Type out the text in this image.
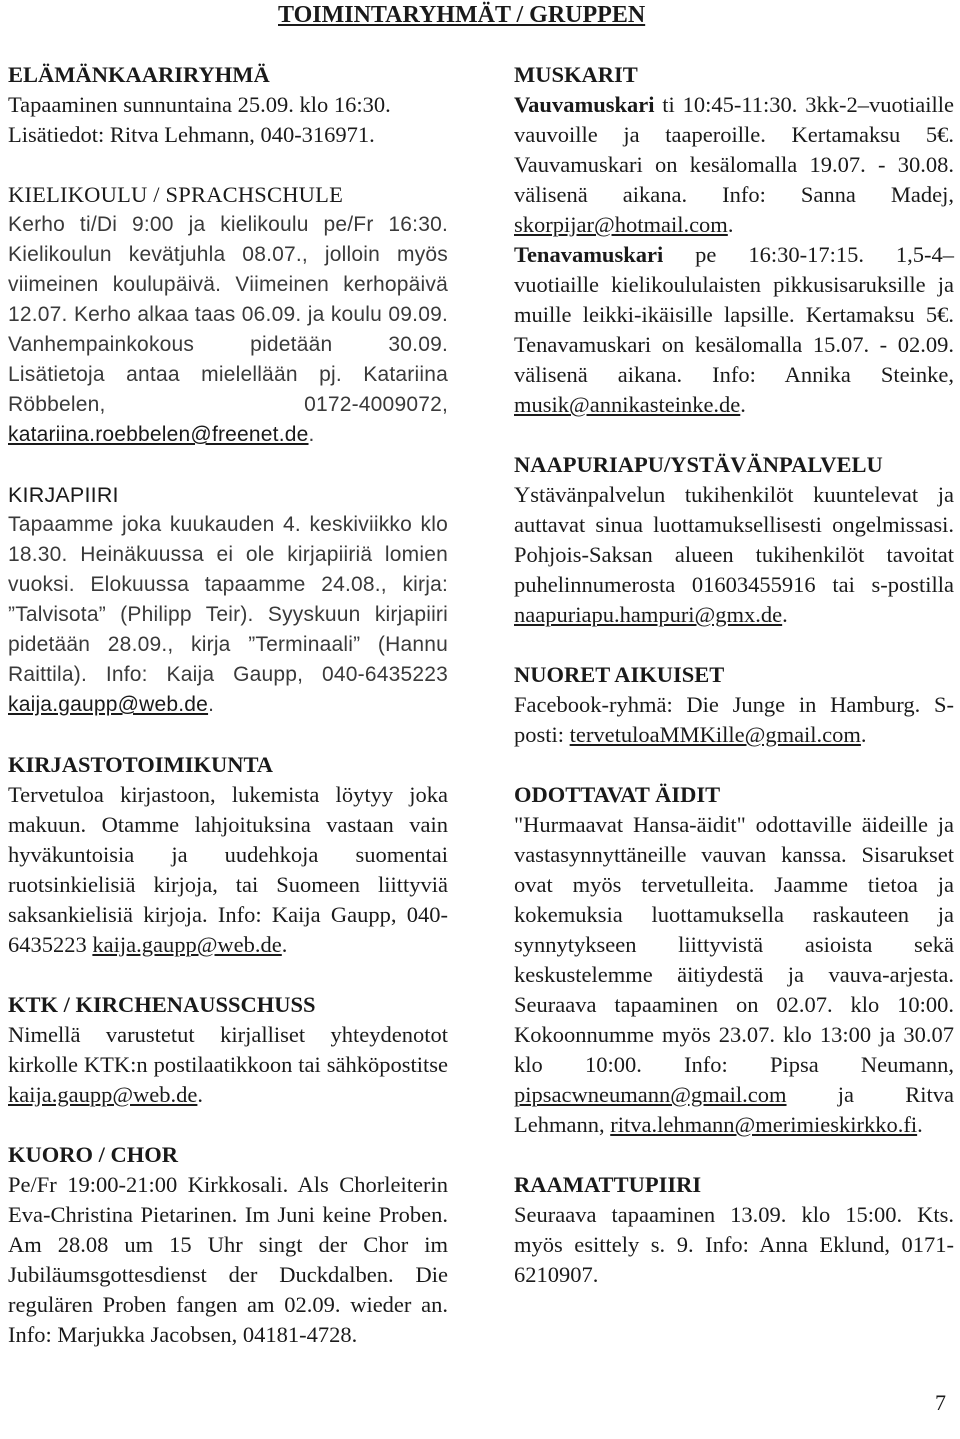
TOIMINTARYHMÄT / GRUPPEN
ELÄMÄNKAARIRYHMÄ
Tapaaminen sunnuntaina 25.09. klo 16:30.
Lisätiedot: Ritva Lehmann, 040-316971.
KIELIKOULU / SPRACHSCHULE
Kerho ti/Di 9:00 ja kielikoulu pe/Fr 16:30. Kielikoulun kevätjuhla 08.07., jolloin myös viimeinen koulupäivä. Viimeinen kerhopäivä 12.07. Kerho alkaa taas 06.09. ja koulu 09.09. Vanhempainkokous pidetään 30.09. Lisätietoja antaa mielellään pj. Katariina Röbbelen, 0172-4009072, katariina.roebbelen@freenet.de.
KIRJAPIIRI
Tapaamme joka kuukauden 4. keskiviikko klo 18.30. Heinäkuussa ei ole kirjapiiriä lomien vuoksi. Elokuussa tapaamme 24.08., kirja: ”Talvisota” (Philipp Teir). Syyskuun kirjapiiri pidetään 28.09., kirja ”Terminaali” (Hannu Raittila). Info: Kaija Gaupp, 040-6435223 kaija.gaupp@web.de.
KIRJASTOTOIMIKUNTA
Tervetuloa kirjastoon, lukemista löytyy joka makuun. Otamme lahjoituksina vastaan vain hyväkuntoisia ja uudehkoja suomentai ruotsinkielisiä kirjoja, tai Suomeen liittyviä saksankielisiä kirjoja. Info: Kaija Gaupp, 040-6435223 kaija.gaupp@web.de.
KTK / KIRCHENAUSSCHUSS
Nimellä varustetut kirjalliset yhteydenotot kirkolle KTK:n postilaatikkoon tai sähköpostitse kaija.gaupp@web.de.
KUORO / CHOR
Pe/Fr 19:00-21:00 Kirkkosali. Als Chorleiterin Eva-Christina Pietarinen. Im Juni keine Proben. Am 28.08 um 15 Uhr singt der Chor im Jubiläumsgottesdienst der Duckdalben. Die regulären Proben fangen am 02.09. wieder an. Info: Marjukka Jacobsen, 04181-4728.
MUSKARIT
Vauvamuskari ti 10:45-11:30. 3kk-2–vuotiaille vauvoille ja taaperoille. Kertamaksu 5€. Vauvamuskari on kesälomalla 19.07. - 30.08. välisenä aikana. Info: Sanna Madej, skorpijar@hotmail.com.
Tenavamuskari pe 16:30-17:15. 1,5-4–vuotiaille kielikoululaisten pikkusisaruksille ja muille leikki-ikäisille lapsille. Kertamaksu 5€. Tenavamuskari on kesälomalla 15.07. - 02.09. välisenä aikana. Info: Annika Steinke, musik@annikasteinke.de.
NAAPURIAPU/YSTÄVÄNPALVELU
Ystävänpalvelun tukihenkilöt kuuntelevat ja auttavat sinua luottamuksellisesti ongelmissasi. Pohjois-Saksan alueen tukihenkilöt tavoitat puhelinnumerosta 01603455916 tai s-postilla naapuriapu.hampuri@gmx.de.
NUORET AIKUISET
Facebook-ryhmä: Die Junge in Hamburg. S-posti: tervetuloaMMKille@gmail.com.
ODOTTAVAT ÄIDIT
"Hurmaavat Hansa-äidit" odottaville äideille ja vastasynnyttäneille vauvan kanssa. Sisarukset ovat myös tervetulleita. Jaamme tietoa ja kokemuksia luottamuksella raskauteen ja synnytykseen liittyvistä asioista sekä keskustelemme äitiydestä ja vauva-arjesta. Seuraava tapaaminen on 02.07. klo 10:00. Kokoonnumme myös 23.07. klo 13:00 ja 30.07 klo 10:00. Info: Pipsa Neumann, pipsacwneumann@gmail.com ja Ritva Lehmann, ritva.lehmann@merimieskirkko.fi.
RAAMATTUPIIRI
Seuraava tapaaminen 13.09. klo 15:00. Kts. myös esittely s. 9. Info: Anna Eklund, 0171-6210907.
7
